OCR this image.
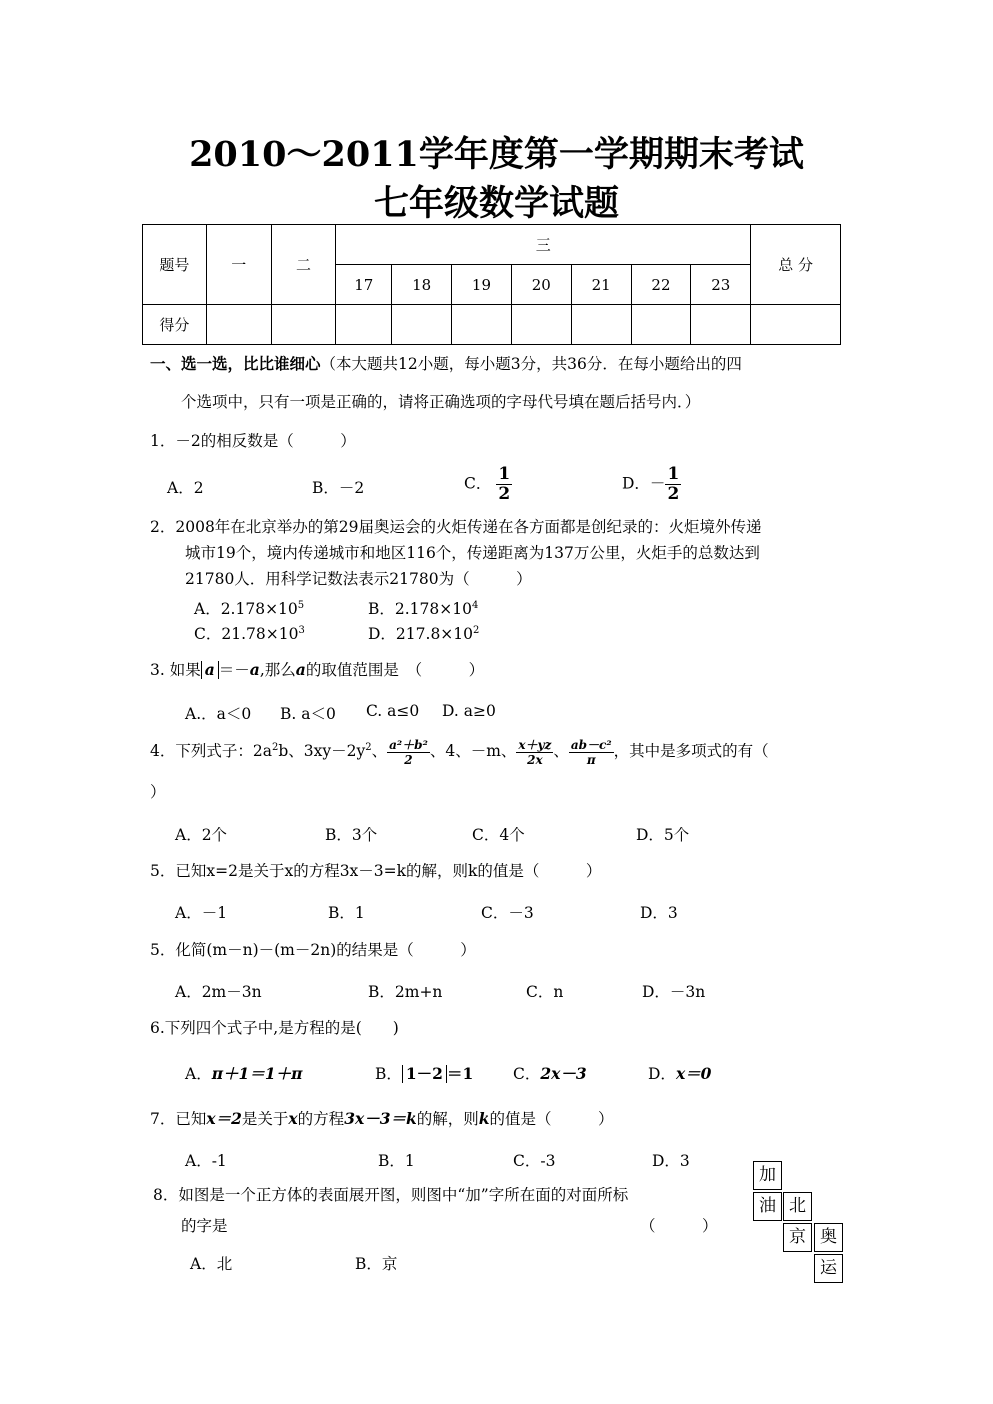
2010～2011学年度第一学期期末考试
七年级数学试题
题号	一	二	三							总 分
			17	18	19	20	21	22	23	
得分										
一、选一选，比比谁细心（本大题共12小题，每小题3分，共36分．在每小题给出的四
个选项中，只有一项是正确的，请将正确选项的字母代号填在题后括号内．）
1．－2的相反数是（　　　）
A．2	B．－2	C． $\frac{1}{2}$	D．－ $\frac{1}{2}$
2．2008年在北京举办的第29届奥运会的火炬传递在各方面都是创纪录的：火炬境外传递
城市19个，境内传递城市和地区116个，传递距离为137万公里，火炬手的总数达到
21780人．用科学记数法表示21780为（　　　）
A．$2.178\times 10^5$	B．$2.178\times 10^4$
C．$21.78\times 10^3$	D．$217.8\times 10^2$
3. 如果 a ＝－a,那么a的取值范围是　（　　　）
A.．a＜0 B. a＜0 C. a≤0 D. a≥0
4．下列式子：$2a^2b$、$3xy-2y^2$、 $\frac{\text{a²＋b²}}{2}$ 、4、－m、 $\frac{x+yz}{2x}$ 、 $\frac{\text{ab－c²}}{\pi}$ ，其中是多项式的有（
）
A．2个	B．3个	C．4个	D．5个
5．已知x=2是关于x的方程3x－3=k的解，则k的值是（　　　）
A．－1	B．1	C．－3	D．3
5．化简(m－n)－(m－2n)的结果是（　　　）
A．2m－3n	B．2m+n	C．n	D．－3n
6.下列四个式子中,是方程的是(　　)
A．π＋1＝1＋π	B． 1－2 ＝1	C．2x－3	D．x＝0
7．已知x＝2是关于x的方程3x－3＝k的解，则k的值是（　　　）
A．-1	B．1	C．-3	D．3
8．如图是一个正方体的表面展开图，则图中“加”字所在面的对面所标
的字是	（　　　）
A．北	B．京
加
油 北
京 奥
运
